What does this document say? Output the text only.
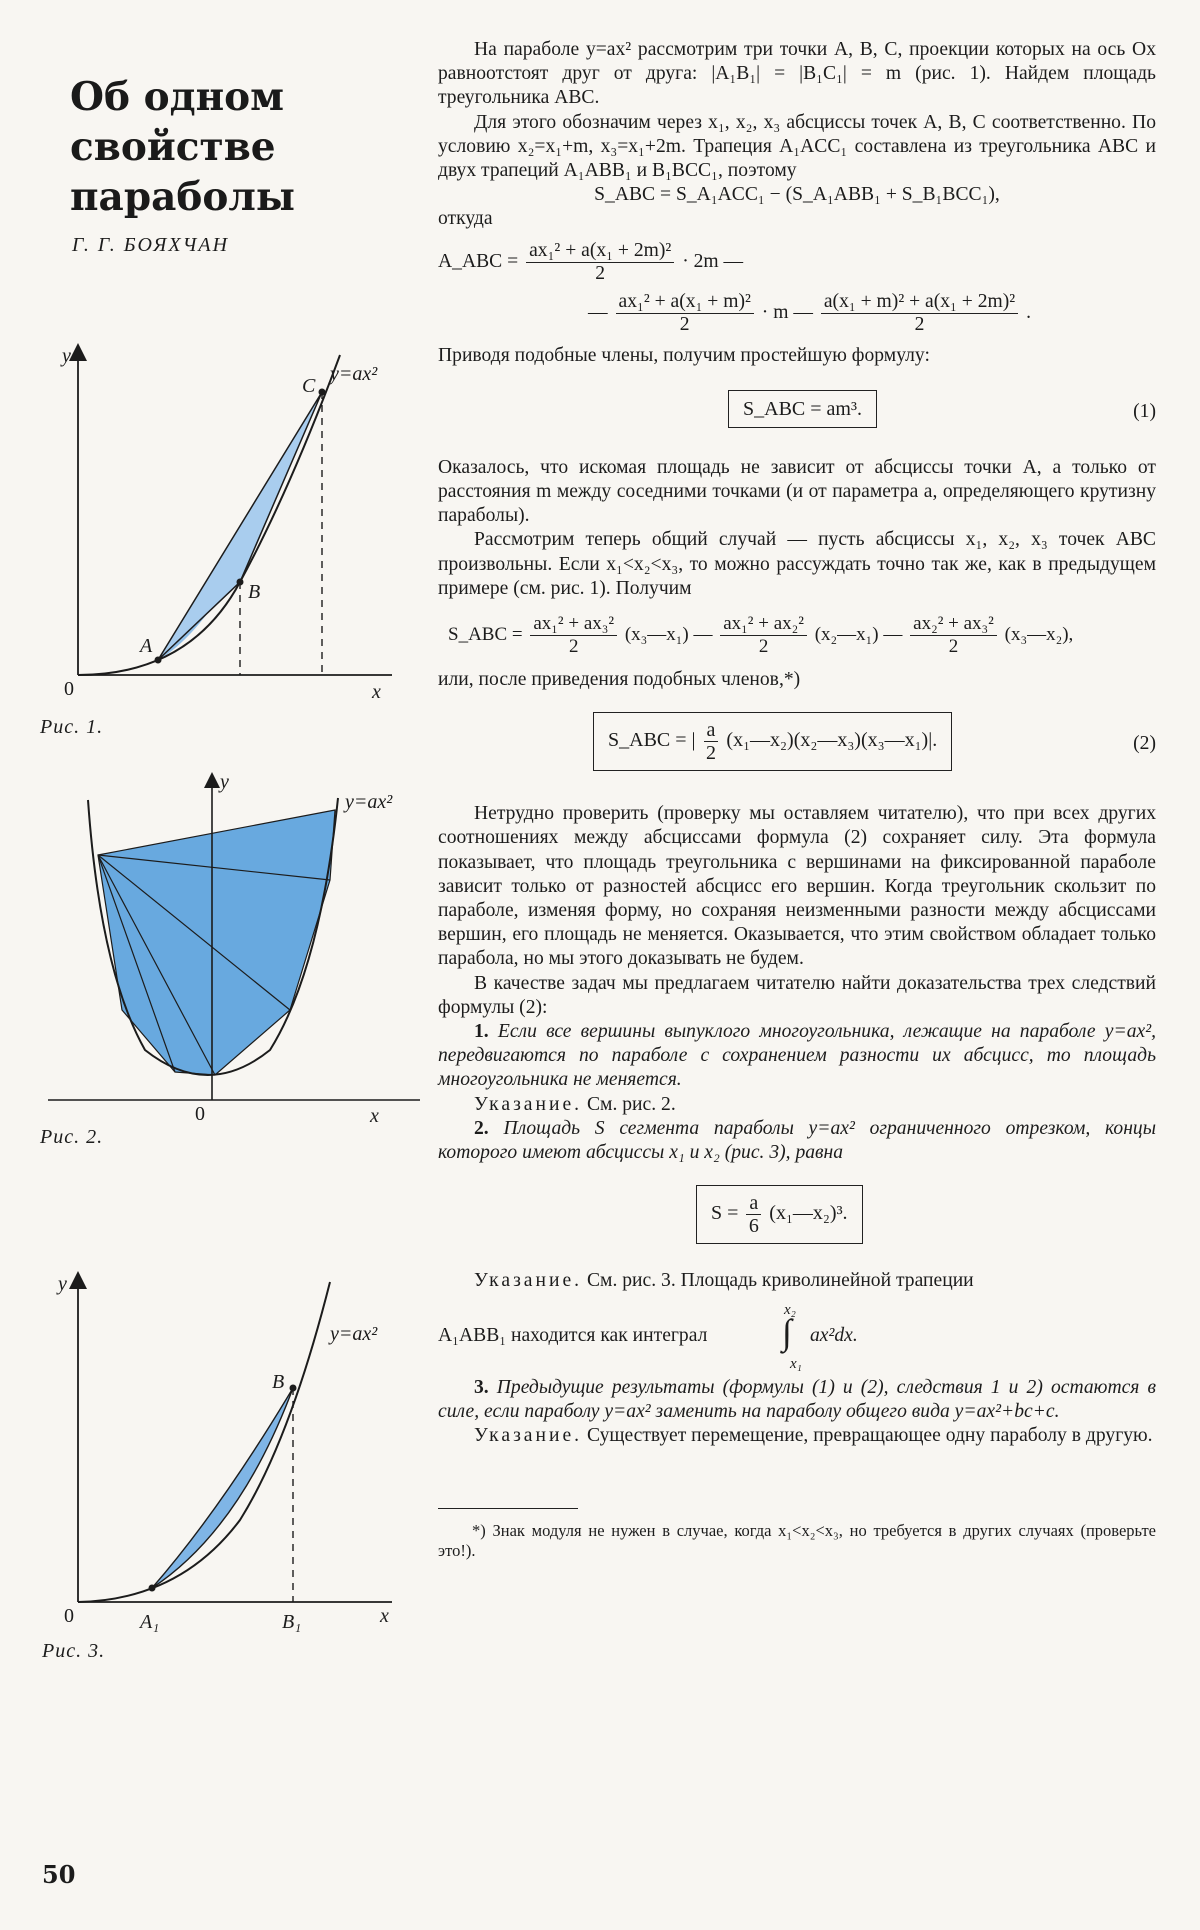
Об одном
свойстве
параболы
Г. Г. БОЯХЧАН
y
x
0
y=ax²
A
B
C
Рис. 1.
y
x
0
y=ax²
Рис. 2.
y
x
0
y=ax²
A₁
B
B₁
Рис. 3.
50

На параболе y=ax² рассмотрим три точки A, B, C, проекции которых на ось Ox равноотстоят друг от друга: |A₁B₁| = |B₁C₁| = m (рис. 1). Найдем площадь треугольника ABC.

Для этого обозначим через x₁, x₂, x₃ абсциссы точек A, B, C соответственно. По условию x₂=x₁+m, x₃=x₁+2m. Трапеция A₁ACC₁ составлена из треугольника ABC и двух трапеций A₁ABB₁ и B₁BCC₁, поэтому

S_ABC = S_A₁ACC₁ − (S_A₁ABB₁ + S_B₁BCC₁),

откуда

A_ABC = $\frac{\text{ax₁² + a(x₁ + 2m)²}}{2} \cdot 2m$ —
— $\frac{\text{ax₁² + a(x₁ + m)²}}{2} \cdot m$ — $\frac{\text{a(x₁ + m)² + a(x₁ + 2m)²}}{2}$ .

Приводя подобные члены, получим простейшую формулу:

S_ABC = am³.	(1)

Оказалось, что искомая площадь не зависит от абсциссы точки A, а только от расстояния m между соседними точками (и от параметра a, определяющего крутизну параболы).

Рассмотрим теперь общий случай — пусть абсциссы x₁, x₂, x₃ точек ABC произвольны. Если x₁<x₂<x₃, то можно рассуждать точно так же, как в предыдущем примере (см. рис. 1). Получим

S_ABC = $\frac{\text{ax₁² + ax₃²}}{2}$ (x₃—x₁) — $\frac{\text{ax₁² + ax₂²}}{2}$ (x₂—x₁) — $\frac{\text{ax₂² + ax₃²}}{2}$ (x₃—x₂),

или, после приведения подобных членов,*)

S_ABC = | $\frac{a}{2}$ (x₁—x₂)(x₂—x₃)(x₃—x₁)|.	(2)

Нетрудно проверить (проверку мы оставляем читателю), что при всех других соотношениях между абсциссами формула (2) сохраняет силу. Эта формула показывает, что площадь треугольника с вершинами на фиксированной параболе зависит только от разностей абсцисс его вершин. Когда треугольник скользит по параболе, изменяя форму, но сохраняя неизменными разности между абсциссами вершин, его площадь не меняется. Оказывается, что этим свойством обладает только парабола, но мы этого доказывать не будем.

В качестве задач мы предлагаем читателю найти доказательства трех следствий формулы (2):

1. Если все вершины выпуклого многоугольника, лежащие на параболе y=ax², передвигаются по параболе с сохранением разности их абсцисс, то площадь многоугольника не меняется.

Указание. См. рис. 2.

2. Площадь S сегмента параболы y=ax² ограниченного отрезком, концы которого имеют абсциссы x₁ и x₂ (рис. 3), равна

$S = \frac{a}{6}$ (x₁—x₂)³.

Указание. См. рис. 3. Площадь криволинейной трапеции

A₁ABB₁ находится как интеграл
x₂
∫
x₁
ax²dx.

3. Предыдущие результаты (формулы (1) и (2), следствия 1 и 2) остаются в силе, если параболу y=ax² заменить на параболу общего вида y=ax²+bc+c.

Указание. Существует перемещение, превращающее одну параболу в другую.

*) Знак модуля не нужен в случае, когда x₁<x₂<x₃, но требуется в других случаях (проверьте это!).
